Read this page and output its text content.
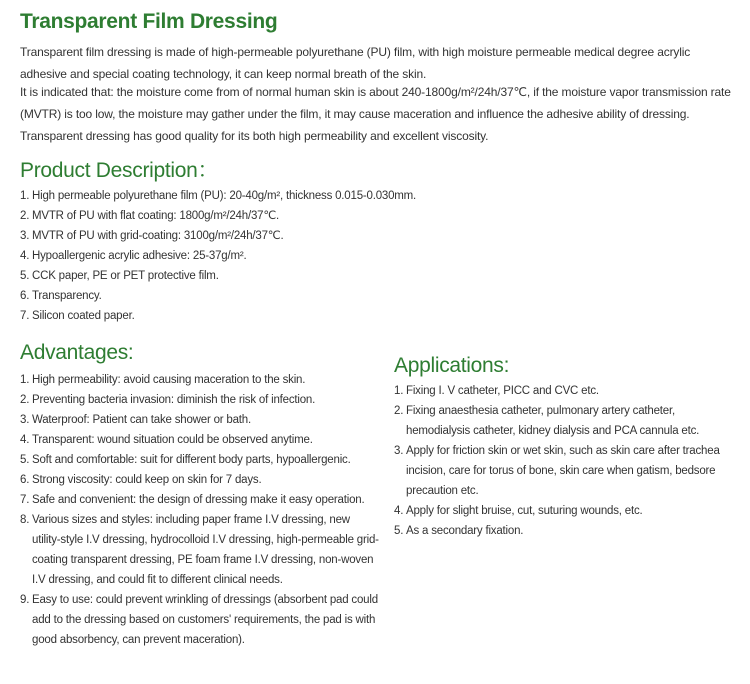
Transparent Film Dressing

Transparent film dressing is made of high-permeable polyurethane (PU) film, with high moisture permeable medical degree acrylic adhesive and special coating technology, it can keep normal breath of the skin.

It is indicated that: the moisture come from of normal human skin is about 240-1800g/m²/24h/37℃, if the moisture vapor transmission rate (MVTR) is too low, the moisture may gather under the film, it may cause maceration and influence the adhesive ability of dressing. Transparent dressing has good quality for its both high permeability and excellent viscosity.

Product Description：
1. High permeable polyurethane film (PU): 20-40g/m², thickness 0.015-0.030mm.
2. MVTR of PU with flat coating: 1800g/m²/24h/37℃.
3. MVTR of PU with grid-coating: 3100g/m²/24h/37℃.
4. Hypoallergenic acrylic adhesive: 25-37g/m².
5. CCK paper, PE or PET protective film.
6. Transparency.
7. Silicon coated paper.
Advantages:
1. High permeability: avoid causing maceration to the skin.
2. Preventing bacteria invasion: diminish the risk of infection.
3. Waterproof: Patient can take shower or bath.
4. Transparent: wound situation could be observed anytime.
5. Soft and comfortable: suit for different body parts, hypoallergenic.
6. Strong viscosity: could keep on skin for 7 days.
7. Safe and convenient: the design of dressing make it easy operation.
8. Various sizes and styles: including paper frame I.V dressing, new utility-style I.V dressing, hydrocolloid I.V dressing, high-permeable grid-coating transparent dressing, PE foam frame I.V dressing, non-woven I.V dressing, and could fit to different clinical needs.
9. Easy to use: could prevent wrinkling of dressings (absorbent pad could add to the dressing based on customers' requirements, the pad is with good absorbency, can prevent maceration).
Applications:
1. Fixing I. V catheter, PICC and CVC etc.
2. Fixing anaesthesia catheter, pulmonary artery catheter, hemodialysis catheter, kidney dialysis and PCA cannula etc.
3. Apply for friction skin or wet skin, such as skin care after trachea incision, care for torus of bone, skin care when gatism, bedsore precaution etc.
4. Apply for slight bruise, cut, suturing wounds, etc.
5. As a secondary fixation.
